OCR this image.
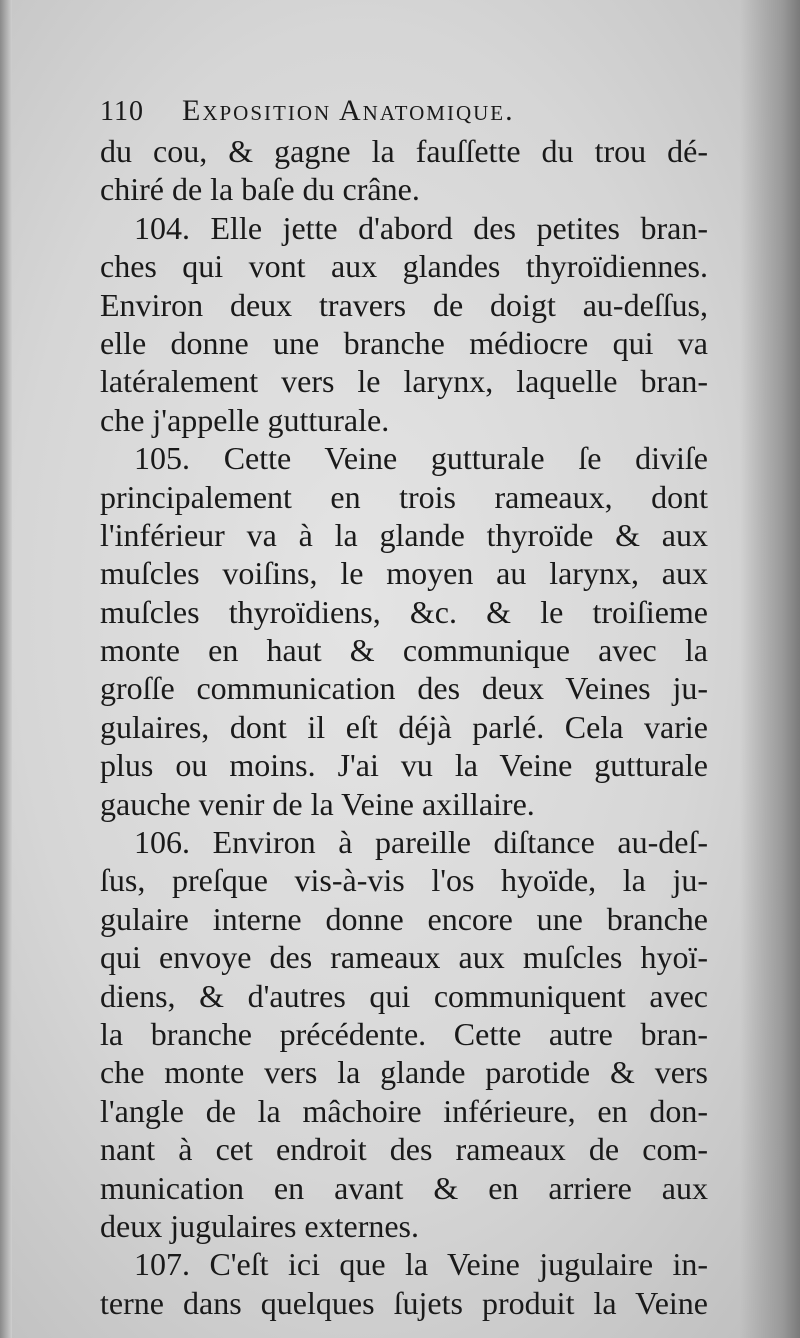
110	Exposition Anatomique.
du cou, & gagne la fauſſette du trou dé-
chiré de la baſe du crâne.
104. Elle jette d'abord des petites bran-
ches qui vont aux glandes thyroïdiennes.
Environ deux travers de doigt au-deſſus,
elle donne une branche médiocre qui va
latéralement vers le larynx, laquelle bran-
che j'appelle gutturale.
105. Cette Veine gutturale ſe diviſe
principalement en trois rameaux, dont
l'inférieur va à la glande thyroïde & aux
muſcles voiſins, le moyen au larynx, aux
muſcles thyroïdiens, &c. & le troiſieme
monte en haut & communique avec la
groſſe communication des deux Veines ju-
gulaires, dont il eſt déjà parlé. Cela varie
plus ou moins. J'ai vu la Veine gutturale
gauche venir de la Veine axillaire.
106. Environ à pareille diſtance au-deſ-
ſus, preſque vis-à-vis l'os hyoïde, la ju-
gulaire interne donne encore une branche
qui envoye des rameaux aux muſcles hyoï-
diens, & d'autres qui communiquent avec
la branche précédente. Cette autre bran-
che monte vers la glande parotide & vers
l'angle de la mâchoire inférieure, en don-
nant à cet endroit des rameaux de com-
munication en avant & en arriere aux
deux jugulaires externes.
107. C'eſt ici que la Veine jugulaire in-
terne dans quelques ſujets produit la Veine
